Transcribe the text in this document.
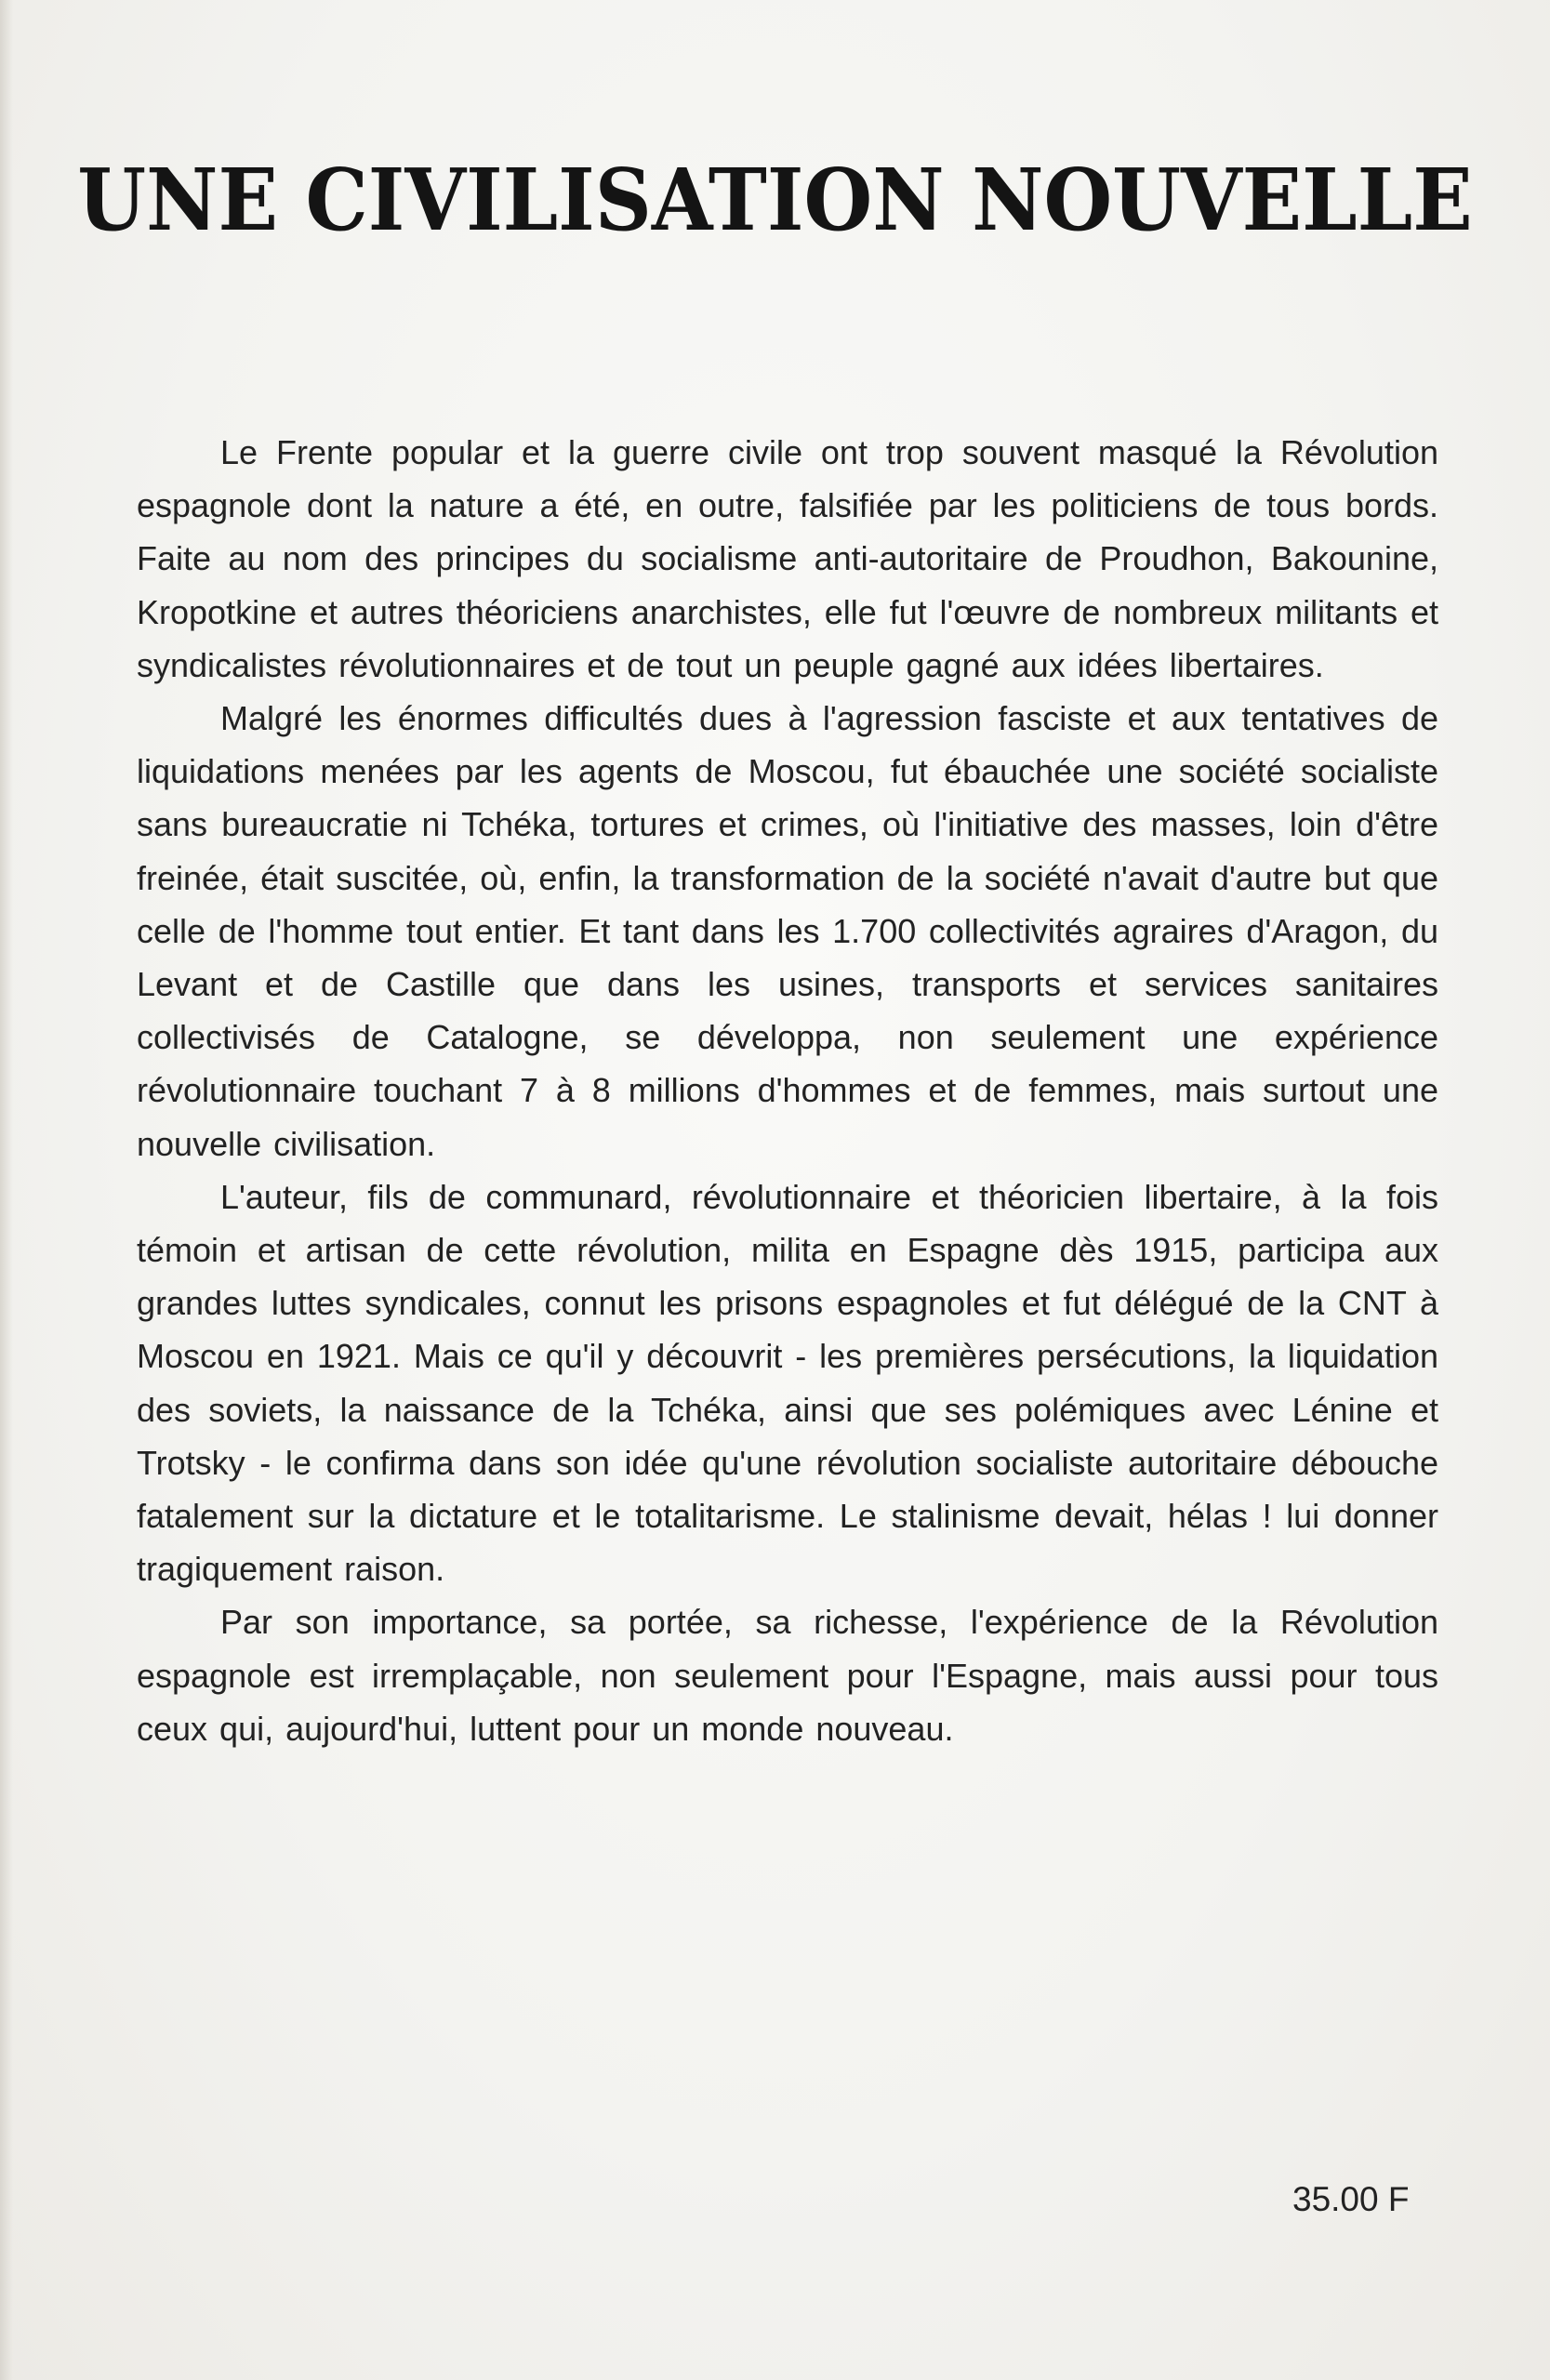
UNE CIVILISATION NOUVELLE

Le Frente popular et la guerre civile ont trop souvent masqué la Révolution espagnole dont la nature a été, en outre, falsifiée par les politiciens de tous bords. Faite au nom des principes du socialisme anti-autoritaire de Proudhon, Bakounine, Kropotkine et autres théoriciens anarchistes, elle fut l'œuvre de nombreux militants et syndicalistes révolutionnaires et de tout un peuple gagné aux idées libertaires.

Malgré les énormes difficultés dues à l'agression fasciste et aux tentatives de liquidations menées par les agents de Moscou, fut ébauchée une société socialiste sans bureaucratie ni Tchéka, tortures et crimes, où l'initiative des masses, loin d'être freinée, était suscitée, où, enfin, la transformation de la société n'avait d'autre but que celle de l'homme tout entier. Et tant dans les 1.700 collectivités agraires d'Aragon, du Levant et de Castille que dans les usines, transports et services sanitaires collectivisés de Catalogne, se développa, non seulement une expérience révolutionnaire touchant 7 à 8 millions d'hommes et de femmes, mais surtout une nouvelle civilisation.

L'auteur, fils de communard, révolutionnaire et théoricien libertaire, à la fois témoin et artisan de cette révolution, milita en Espagne dès 1915, participa aux grandes luttes syndicales, connut les prisons espagnoles et fut délégué de la CNT à Moscou en 1921. Mais ce qu'il y découvrit - les premières persécutions, la liquidation des soviets, la naissance de la Tchéka, ainsi que ses polémiques avec Lénine et Trotsky - le confirma dans son idée qu'une révolution socialiste autoritaire débouche fatalement sur la dictature et le totalitarisme. Le stalinisme devait, hélas ! lui donner tragiquement raison.

Par son importance, sa portée, sa richesse, l'expérience de la Révolution espagnole est irremplaçable, non seulement pour l'Espagne, mais aussi pour tous ceux qui, aujourd'hui, luttent pour un monde nouveau.

35.00 F
